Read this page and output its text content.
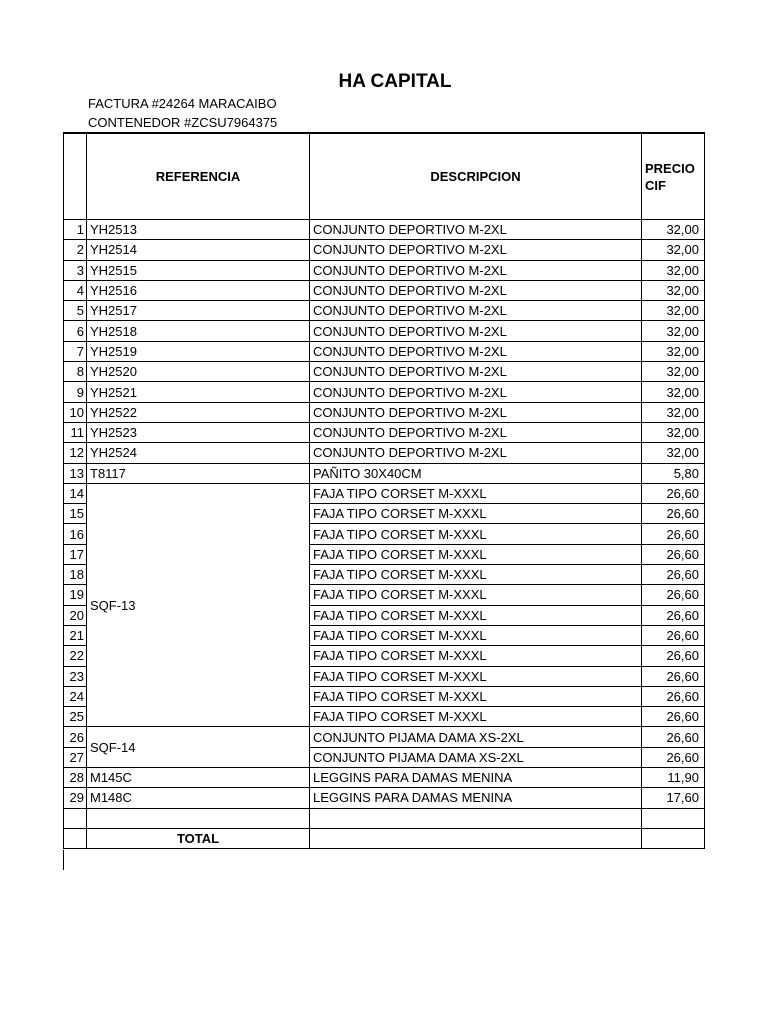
HA CAPITAL
FACTURA #24264 MARACAIBO
CONTENEDOR #ZCSU7964375
	REFERENCIA	DESCRIPCION	PRECIO CIF
1	YH2513	CONJUNTO DEPORTIVO M-2XL	32,00
2	YH2514	CONJUNTO DEPORTIVO M-2XL	32,00
3	YH2515	CONJUNTO DEPORTIVO M-2XL	32,00
4	YH2516	CONJUNTO DEPORTIVO M-2XL	32,00
5	YH2517	CONJUNTO DEPORTIVO M-2XL	32,00
6	YH2518	CONJUNTO DEPORTIVO M-2XL	32,00
7	YH2519	CONJUNTO DEPORTIVO M-2XL	32,00
8	YH2520	CONJUNTO DEPORTIVO M-2XL	32,00
9	YH2521	CONJUNTO DEPORTIVO M-2XL	32,00
10	YH2522	CONJUNTO DEPORTIVO M-2XL	32,00
11	YH2523	CONJUNTO DEPORTIVO M-2XL	32,00
12	YH2524	CONJUNTO DEPORTIVO M-2XL	32,00
13	T8117	PAÑITO 30X40CM	5,80
14	SQF-13	FAJA TIPO CORSET M-XXXL	26,60
15		FAJA TIPO CORSET M-XXXL	26,60
16		FAJA TIPO CORSET M-XXXL	26,60
17		FAJA TIPO CORSET M-XXXL	26,60
18		FAJA TIPO CORSET M-XXXL	26,60
19		FAJA TIPO CORSET M-XXXL	26,60
20		FAJA TIPO CORSET M-XXXL	26,60
21		FAJA TIPO CORSET M-XXXL	26,60
22		FAJA TIPO CORSET M-XXXL	26,60
23		FAJA TIPO CORSET M-XXXL	26,60
24		FAJA TIPO CORSET M-XXXL	26,60
25		FAJA TIPO CORSET M-XXXL	26,60
26	SQF-14	CONJUNTO PIJAMA DAMA XS-2XL	26,60
27		CONJUNTO PIJAMA DAMA XS-2XL	26,60
28	M145C	LEGGINS PARA DAMAS MENINA	11,90
29	M148C	LEGGINS PARA DAMAS MENINA	17,60

	TOTAL		
